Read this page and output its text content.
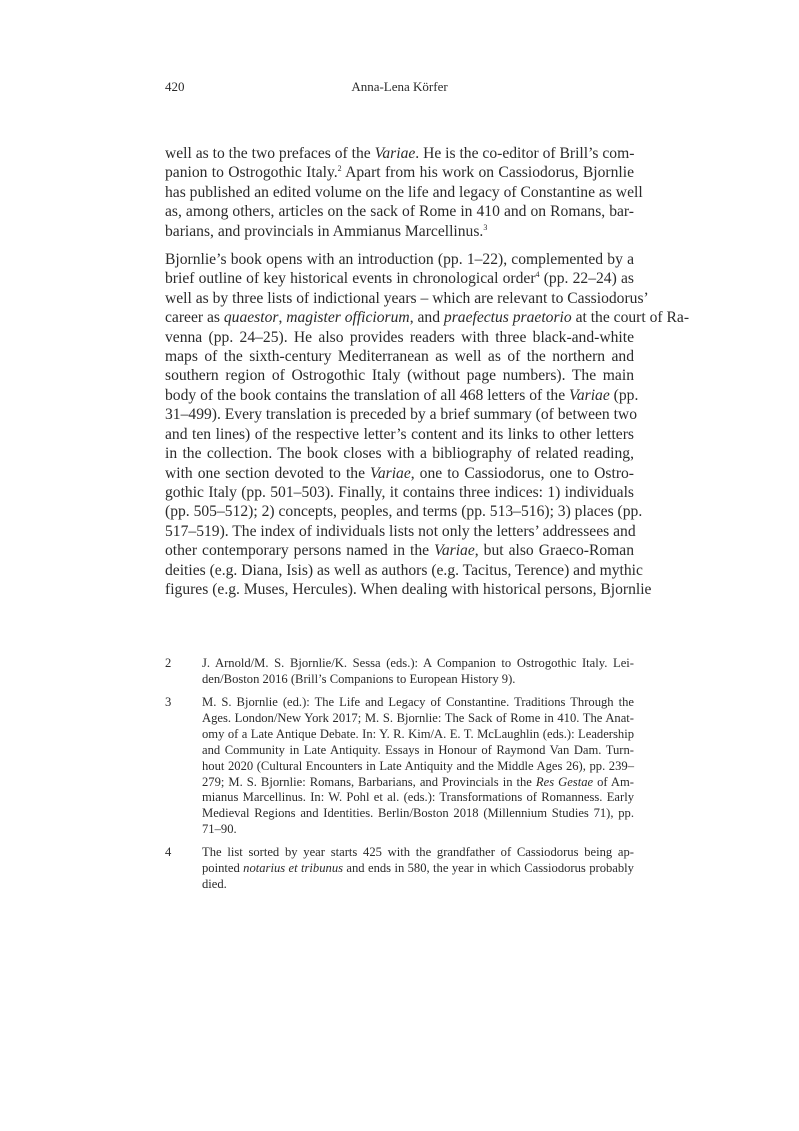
420	Anna-Lena Körfer
well as to the two prefaces of the Variae. He is the co-editor of Brill’s com-
panion to Ostrogothic Italy.$^2$ Apart from his work on Cassiodorus, Bjornlie
has published an edited volume on the life and legacy of Constantine as well
as, among others, articles on the sack of Rome in 410 and on Romans, bar-
barians, and provincials in Ammianus Marcellinus.$^3$
Bjornlie’s book opens with an introduction (pp. 1–22), complemented by a
brief outline of key historical events in chronological order$^4$ (pp. 22–24) as
well as by three lists of indictional years – which are relevant to Cassiodorus’
career as quaestor, magister officiorum, and praefectus praetorio at the court of Ra-
venna (pp. 24–25). He also provides readers with three black-and-white
maps of the sixth-century Mediterranean as well as of the northern and
southern region of Ostrogothic Italy (without page numbers). The main
body of the book contains the translation of all 468 letters of the Variae (pp.
31–499). Every translation is preceded by a brief summary (of between two
and ten lines) of the respective letter’s content and its links to other letters
in the collection. The book closes with a bibliography of related reading,
with one section devoted to the Variae, one to Cassiodorus, one to Ostro-
gothic Italy (pp. 501–503). Finally, it contains three indices: 1) individuals
(pp. 505–512); 2) concepts, peoples, and terms (pp. 513–516); 3) places (pp.
517–519). The index of individuals lists not only the letters’ addressees and
other contemporary persons named in the Variae, but also Graeco-Roman
deities (e.g. Diana, Isis) as well as authors (e.g. Tacitus, Terence) and mythic
figures (e.g. Muses, Hercules). When dealing with historical persons, Bjornlie
2 J. Arnold/M. S. Bjornlie/K. Sessa (eds.): A Companion to Ostrogothic Italy. Lei-
den/Boston 2016 (Brill’s Companions to European History 9).
3 M. S. Bjornlie (ed.): The Life and Legacy of Constantine. Traditions Through the
Ages. London/New York 2017; M. S. Bjornlie: The Sack of Rome in 410. The Anat-
omy of a Late Antique Debate. In: Y. R. Kim/A. E. T. McLaughlin (eds.): Leadership
and Community in Late Antiquity. Essays in Honour of Raymond Van Dam. Turn-
hout 2020 (Cultural Encounters in Late Antiquity and the Middle Ages 26), pp. 239–
279; M. S. Bjornlie: Romans, Barbarians, and Provincials in the Res Gestae of Am-
mianus Marcellinus. In: W. Pohl et al. (eds.): Transformations of Romanness. Early
Medieval Regions and Identities. Berlin/Boston 2018 (Millennium Studies 71), pp.
71–90.
4 The list sorted by year starts 425 with the grandfather of Cassiodorus being ap-
pointed notarius et tribunus and ends in 580, the year in which Cassiodorus probably
died.
